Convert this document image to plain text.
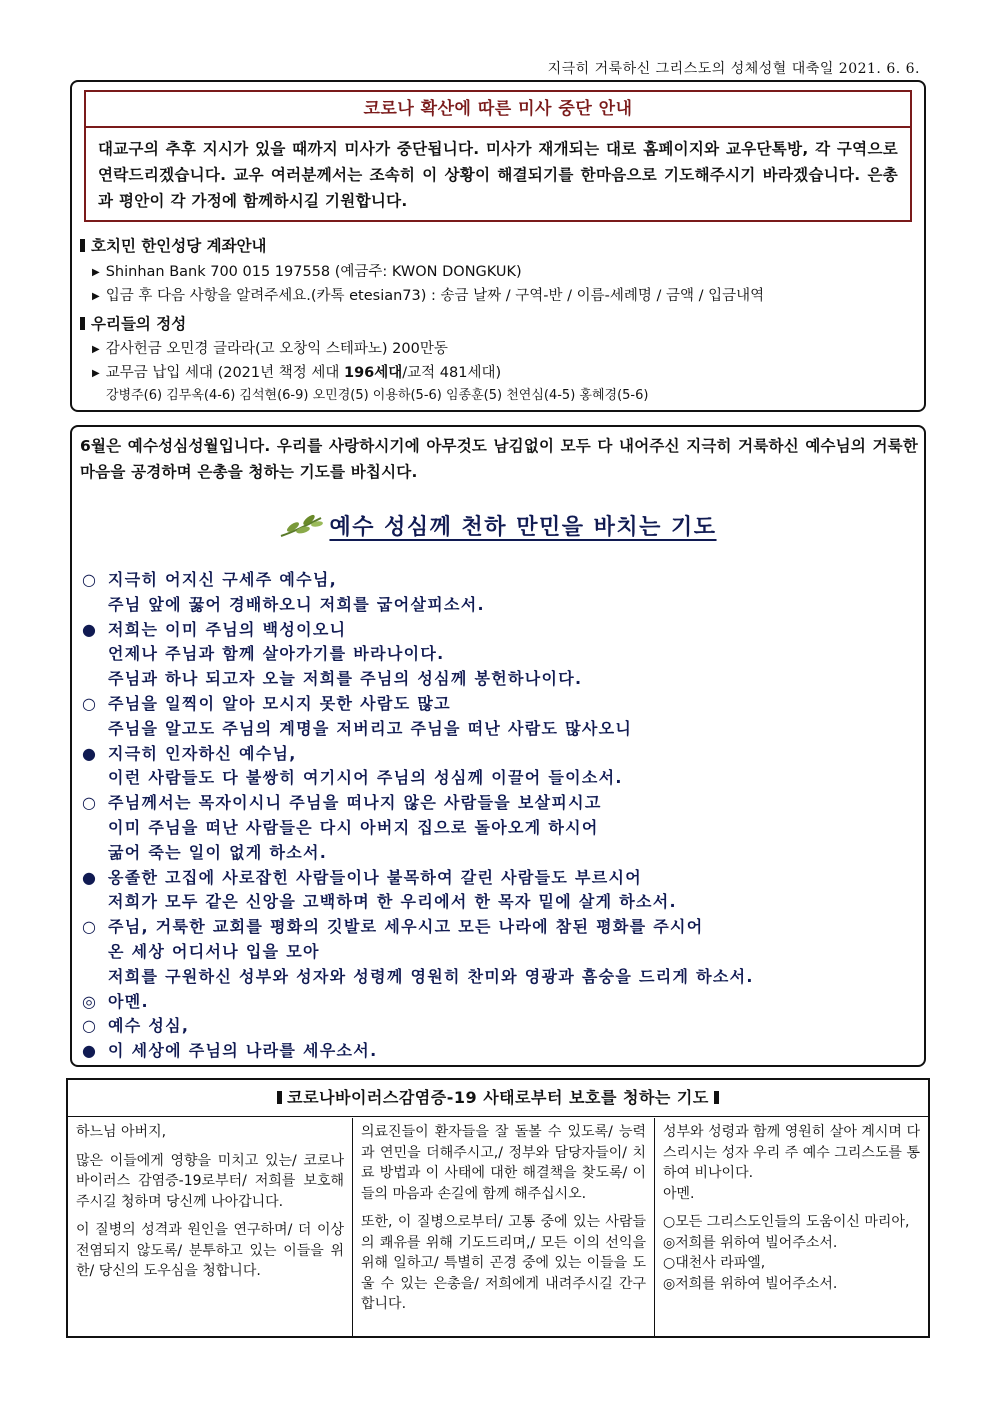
지극히 거룩하신 그리스도의 성체성혈 대축일 2021. 6. 6.
코로나 확산에 따른 미사 중단 안내
대교구의 추후 지시가 있을 때까지 미사가 중단됩니다. 미사가 재개되는 대로 홈페이지와 교우단톡방, 각 구역으로 연락드리겠습니다. 교우 여러분께서는 조속히 이 상황이 해결되기를 한마음으로 기도해주시기 바라겠습니다. 은총과 평안이 각 가정에 함께하시길 기원합니다.
호치민 한인성당 계좌안내
▶ Shinhan Bank 700 015 197558 (예금주: KWON DONGKUK)
▶ 입금 후 다음 사항을 알려주세요.(카톡 etesian73) : 송금 날짜 / 구역-반 / 이름-세례명 / 금액 / 입금내역
우리들의 정성
▶ 감사헌금 오민경 글라라(고 오창익 스테파노) 200만동
▶ 교무금 납입 세대 (2021년 책정 세대 196세대/교적 481세대)
강병주(6) 김무옥(4-6) 김석현(6-9) 오민경(5) 이용하(5-6) 임종훈(5) 천연심(4-5) 홍혜경(5-6)
6월은 예수성심성월입니다. 우리를 사랑하시기에 아무것도 남김없이 모두 다 내어주신 지극히 거룩하신 예수님의 거룩한 마음을 공경하며 은총을 청하는 기도를 바칩시다.
예수 성심께 천하 만민을 바치는 기도
○ 지극히 어지신 구세주 예수님,
주님 앞에 꿇어 경배하오니 저희를 굽어살피소서.
● 저희는 이미 주님의 백성이오니
언제나 주님과 함께 살아가기를 바라나이다.
주님과 하나 되고자 오늘 저희를 주님의 성심께 봉헌하나이다.
○ 주님을 일찍이 알아 모시지 못한 사람도 많고
주님을 알고도 주님의 계명을 저버리고 주님을 떠난 사람도 많사오니
● 지극히 인자하신 예수님,
이런 사람들도 다 불쌍히 여기시어 주님의 성심께 이끌어 들이소서.
○ 주님께서는 목자이시니 주님을 떠나지 않은 사람들을 보살피시고
이미 주님을 떠난 사람들은 다시 아버지 집으로 돌아오게 하시어
굶어 죽는 일이 없게 하소서.
● 옹졸한 고집에 사로잡힌 사람들이나 불목하여 갈린 사람들도 부르시어
저희가 모두 같은 신앙을 고백하며 한 우리에서 한 목자 밑에 살게 하소서.
○ 주님, 거룩한 교회를 평화의 깃발로 세우시고 모든 나라에 참된 평화를 주시어
온 세상 어디서나 입을 모아
저희를 구원하신 성부와 성자와 성령께 영원히 찬미와 영광과 흠숭을 드리게 하소서.
◎ 아멘.
○ 예수 성심,
● 이 세상에 주님의 나라를 세우소서.
코로나바이러스감염증-19 사태로부터 보호를 청하는 기도

하느님 아버지,

많은 이들에게 영향을 미치고 있는/ 코로나 바이러스 감염증-19로부터/ 저희를 보호해주시길 청하며 당신께 나아갑니다.

이 질병의 성격과 원인을 연구하며/ 더 이상 전염되지 않도록/ 분투하고 있는 이들을 위한/ 당신의 도우심을 청합니다.

의료진들이 환자들을 잘 돌볼 수 있도록/ 능력과 연민을 더해주시고,/ 정부와 담당자들이/ 치료 방법과 이 사태에 대한 해결책을 찾도록/ 이들의 마음과 손길에 함께 해주십시오.

또한, 이 질병으로부터/ 고통 중에 있는 사람들의 쾌유를 위해 기도드리며,/ 모든 이의 선익을 위해 일하고/ 특별히 곤경 중에 있는 이들을 도울 수 있는 은총을/ 저희에게 내려주시길 간구합니다.

성부와 성령과 함께 영원히 살아 계시며 다스리시는 성자 우리 주 예수 그리스도를 통하여 비나이다.
아멘.

○모든 그리스도인들의 도움이신 마리아,
◎저희를 위하여 빌어주소서.
○대천사 라파엘,
◎저희를 위하여 빌어주소서.
